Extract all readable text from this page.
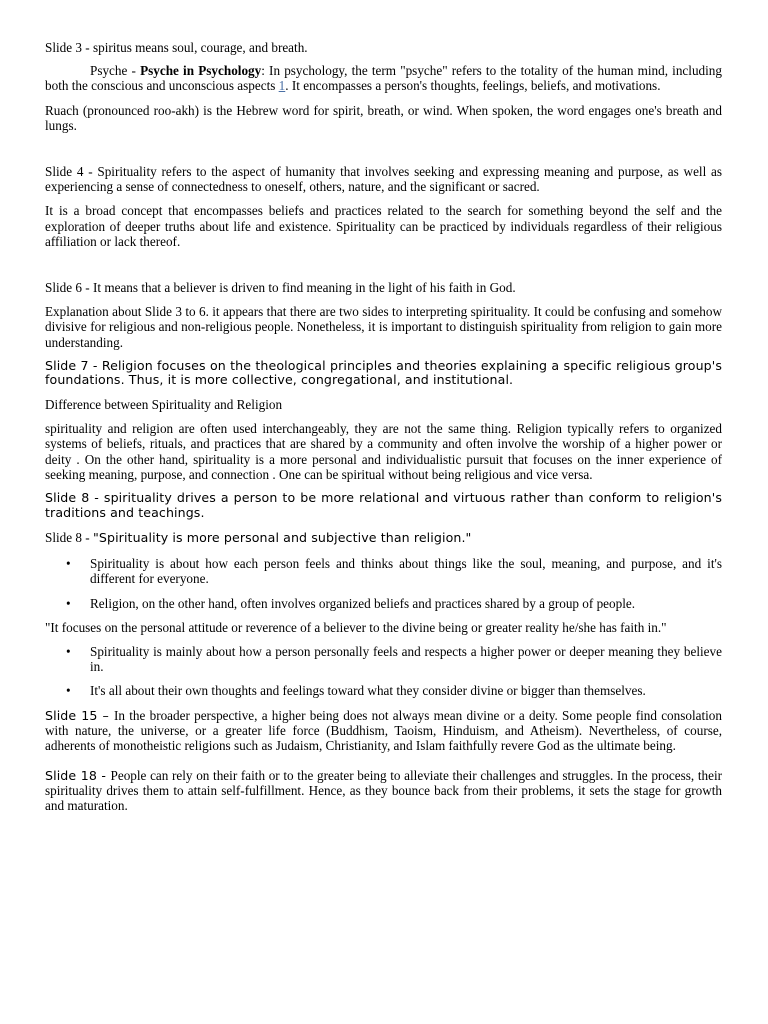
Slide 3 - spiritus means soul, courage, and breath.

Psyche - Psyche in Psychology: In psychology, the term "psyche" refers to the totality of the human mind, including both the conscious and unconscious aspects 1. It encompasses a person's thoughts, feelings, beliefs, and motivations.

Ruach (pronounced roo-akh) is the Hebrew word for spirit, breath, or wind. When spoken, the word engages one's breath and lungs.

Slide 4 - Spirituality refers to the aspect of humanity that involves seeking and expressing meaning and purpose, as well as experiencing a sense of connectedness to oneself, others, nature, and the significant or sacred.

It is a broad concept that encompasses beliefs and practices related to the search for something beyond the self and the exploration of deeper truths about life and existence. Spirituality can be practiced by individuals regardless of their religious affiliation or lack thereof.

Slide 6 - It means that a believer is driven to find meaning in the light of his faith in God.

Explanation about Slide 3 to 6. it appears that there are two sides to interpreting spirituality. It could be confusing and somehow divisive for religious and non-religious people. Nonetheless, it is important to distinguish spirituality from religion to gain more understanding.

Slide 7 - Religion focuses on the theological principles and theories explaining a specific religious group's foundations. Thus, it is more collective, congregational, and institutional.

Difference between Spirituality and Religion

spirituality and religion are often used interchangeably, they are not the same thing. Religion typically refers to organized systems of beliefs, rituals, and practices that are shared by a community and often involve the worship of a higher power or deity . On the other hand, spirituality is a more personal and individualistic pursuit that focuses on the inner experience of seeking meaning, purpose, and connection . One can be spiritual without being religious and vice versa.

Slide 8 - spirituality drives a person to be more relational and virtuous rather than conform to religion's traditions and teachings.

Slide 8 - "Spirituality is more personal and subjective than religion."

• Spirituality is about how each person feels and thinks about things like the soul, meaning, and purpose, and it's different for everyone.
• Religion, on the other hand, often involves organized beliefs and practices shared by a group of people.

"It focuses on the personal attitude or reverence of a believer to the divine being or greater reality he/she has faith in."

• Spirituality is mainly about how a person personally feels and respects a higher power or deeper meaning they believe in.
• It's all about their own thoughts and feelings toward what they consider divine or bigger than themselves.

Slide 15 – In the broader perspective, a higher being does not always mean divine or a deity. Some people find consolation with nature, the universe, or a greater life force (Buddhism, Taoism, Hinduism, and Atheism). Nevertheless, of course, adherents of monotheistic religions such as Judaism, Christianity, and Islam faithfully revere God as the ultimate being.

Slide 18 - People can rely on their faith or to the greater being to alleviate their challenges and struggles. In the process, their spirituality drives them to attain self-fulfillment. Hence, as they bounce back from their problems, it sets the stage for growth and maturation.
